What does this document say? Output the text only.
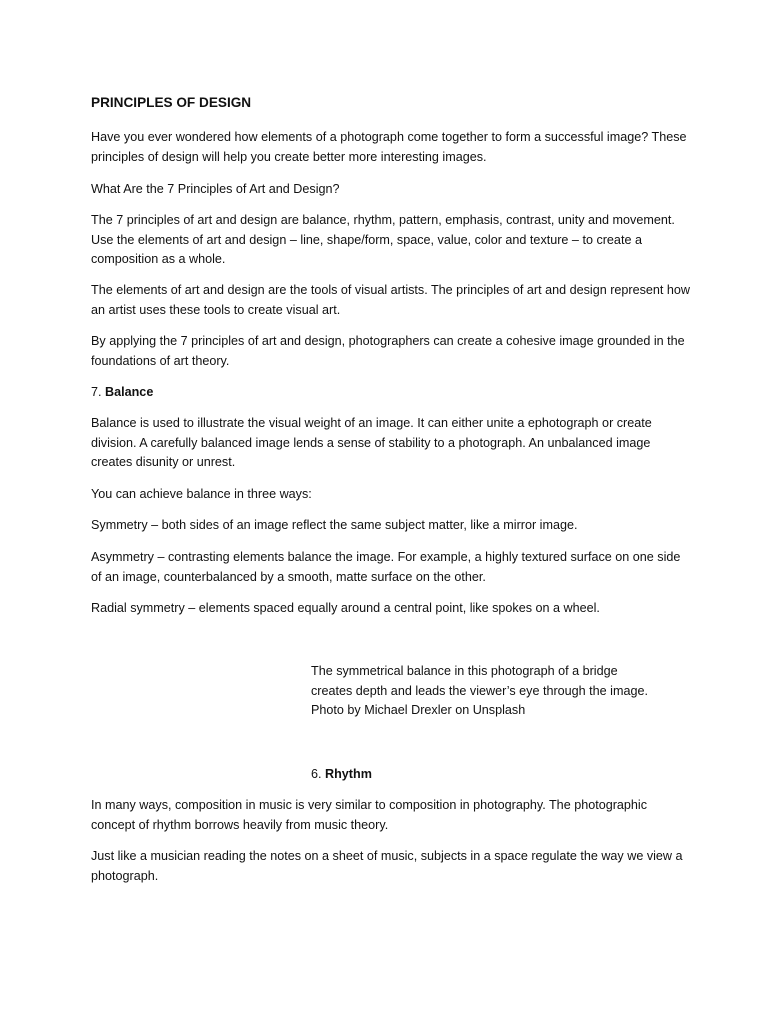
PRINCIPLES OF DESIGN

Have you ever wondered how elements of a photograph come together to form a successful image? These principles of design will help you create better more interesting images.

What Are the 7 Principles of Art and Design?

The 7 principles of art and design are balance, rhythm, pattern, emphasis, contrast, unity and movement. Use the elements of art and design – line, shape/form, space, value, color and texture – to create a composition as a whole.

The elements of art and design are the tools of visual artists. The principles of art and design represent how an artist uses these tools to create visual art.

By applying the 7 principles of art and design, photographers can create a cohesive image grounded in the foundations of art theory.

7. Balance

Balance is used to illustrate the visual weight of an image. It can either unite a ephotograph or create division. A carefully balanced image lends a sense of stability to a photograph. An unbalanced image creates disunity or unrest.

You can achieve balance in three ways:

Symmetry – both sides of an image reflect the same subject matter, like a mirror image.

Asymmetry – contrasting elements balance the image. For example, a highly textured surface on one side of an image, counterbalanced by a smooth, matte surface on the other.

Radial symmetry – elements spaced equally around a central point, like spokes on a wheel.

The symmetrical balance in this photograph of a bridge creates depth and leads the viewer’s eye through the image. Photo by Michael Drexler on Unsplash

6. Rhythm

In many ways, composition in music is very similar to composition in photography. The photographic concept of rhythm borrows heavily from music theory.

Just like a musician reading the notes on a sheet of music, subjects in a space regulate the way we view a photograph.
